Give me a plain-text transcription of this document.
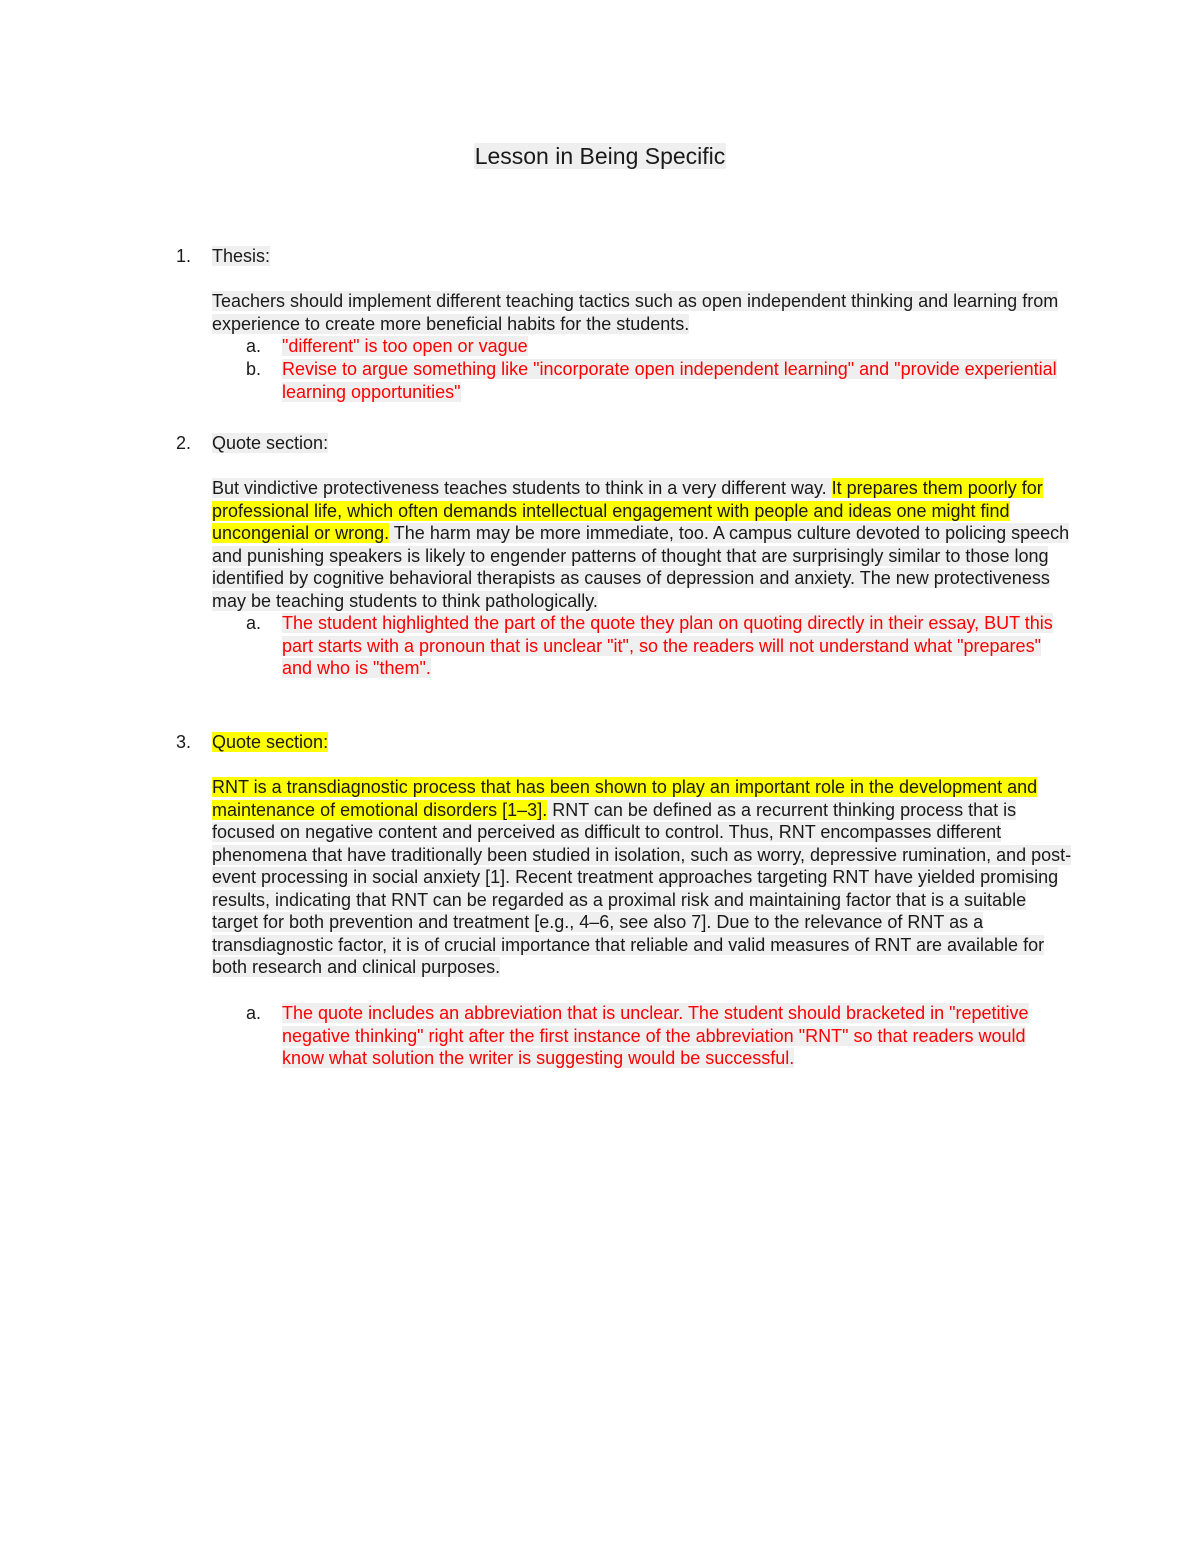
Lesson in Being Specific
1. Thesis:

Teachers should implement different teaching tactics such as open independent thinking and learning from experience to create more beneficial habits for the students.

a. "different" is too open or vague

b. Revise to argue something like "incorporate open independent learning" and "provide experiential learning opportunities"

2. Quote section:

But vindictive protectiveness teaches students to think in a very different way. It prepares them poorly for professional life, which often demands intellectual engagement with people and ideas one might find uncongenial or wrong. The harm may be more immediate, too. A campus culture devoted to policing speech and punishing speakers is likely to engender patterns of thought that are surprisingly similar to those long identified by cognitive behavioral therapists as causes of depression and anxiety. The new protectiveness may be teaching students to think pathologically.

a. The student highlighted the part of the quote they plan on quoting directly in their essay, BUT this part starts with a pronoun that is unclear "it", so the readers will not understand what "prepares" and who is "them".

3. Quote section:

RNT is a transdiagnostic process that has been shown to play an important role in the development and maintenance of emotional disorders [1–3]. RNT can be defined as a recurrent thinking process that is focused on negative content and perceived as difficult to control. Thus, RNT encompasses different phenomena that have traditionally been studied in isolation, such as worry, depressive rumination, and post-event processing in social anxiety [1]. Recent treatment approaches targeting RNT have yielded promising results, indicating that RNT can be regarded as a proximal risk and maintaining factor that is a suitable target for both prevention and treatment [e.g., 4–6, see also 7]. Due to the relevance of RNT as a transdiagnostic factor, it is of crucial importance that reliable and valid measures of RNT are available for both research and clinical purposes.

a. The quote includes an abbreviation that is unclear. The student should bracketed in "repetitive negative thinking" right after the first instance of the abbreviation "RNT" so that readers would know what solution the writer is suggesting would be successful.
